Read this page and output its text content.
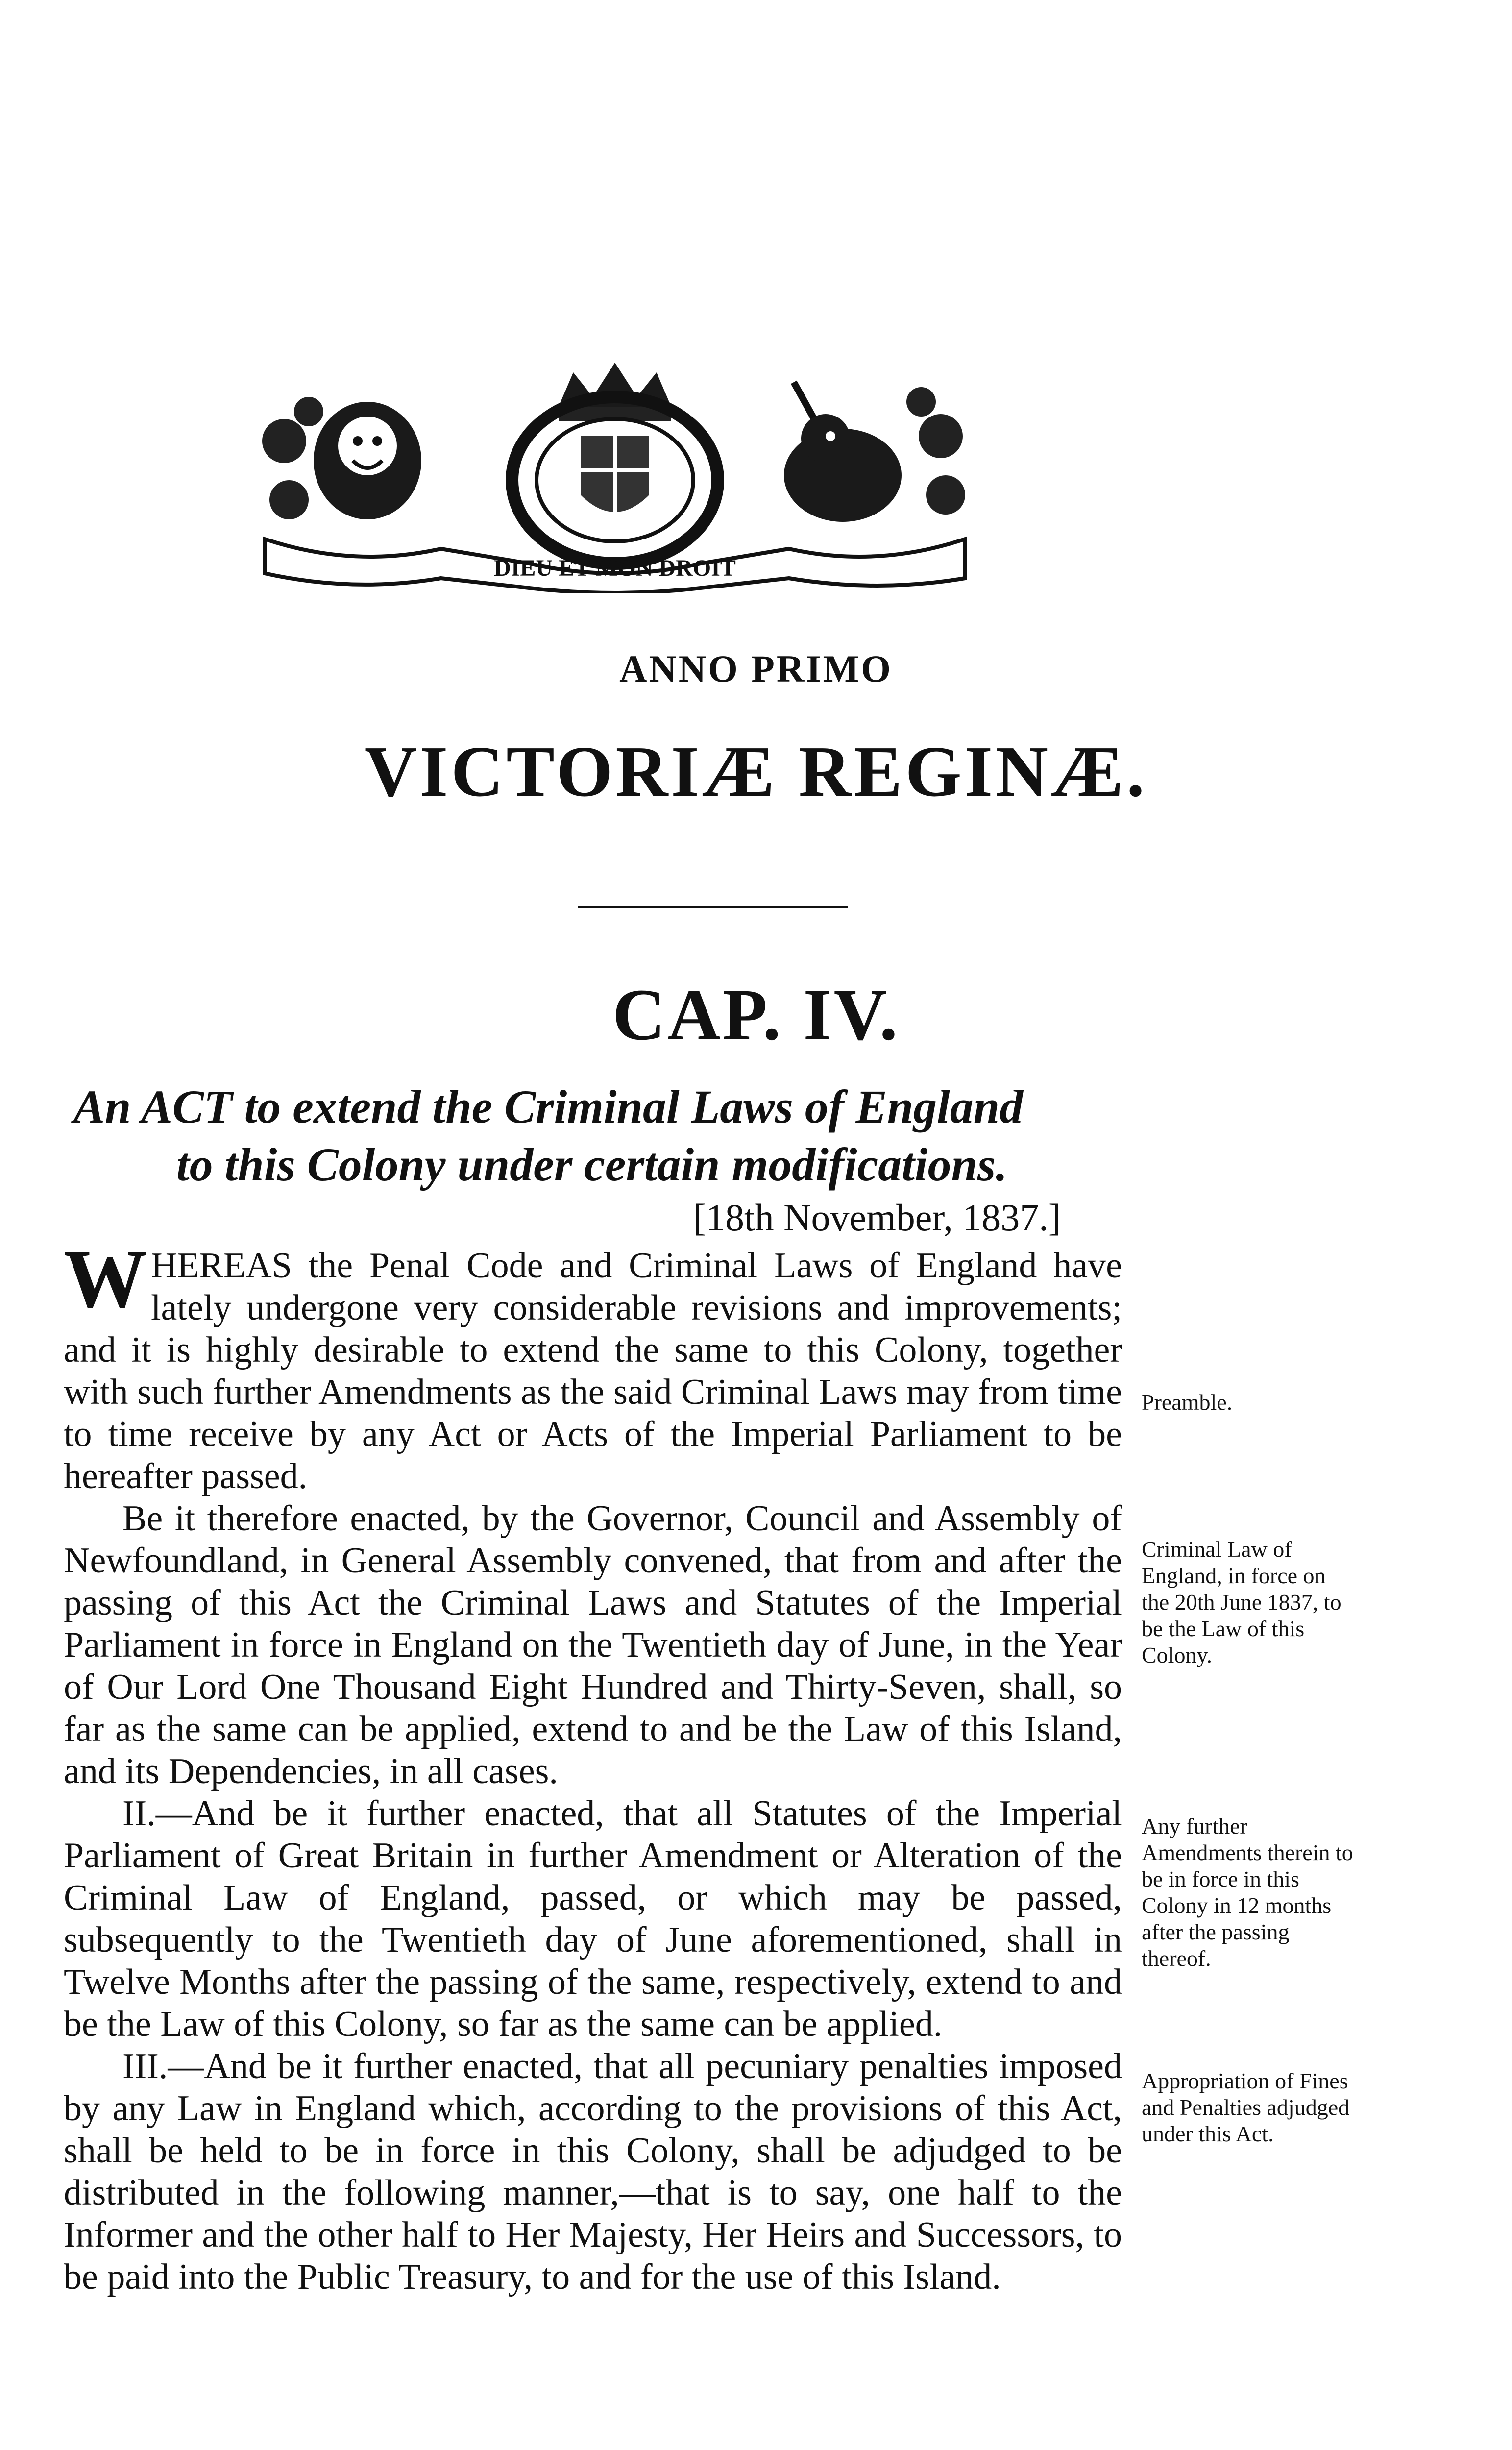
DIEU ET MON DROIT
ANNO PRIMO
VICTORIÆ REGINÆ.
CAP. IV.
An ACT to extend the Criminal Laws of England
to this Colony under certain modifications.
[18th November, 1837.]

WHEREAS the Penal Code and Criminal Laws of England have lately undergone very considerable revisions and improvements; and it is highly desirable to extend the same to this Colony, together with such further Amendments as the said Criminal Laws may from time to time receive by any Act or Acts of the Imperial Parliament to be hereafter passed.

Be it therefore enacted, by the Governor, Council and Assembly of Newfoundland, in General Assembly convened, that from and after the passing of this Act the Criminal Laws and Statutes of the Imperial Parliament in force in England on the Twentieth day of June, in the Year of Our Lord One Thousand Eight Hundred and Thirty-Seven, shall, so far as the same can be applied, extend to and be the Law of this Island, and its Dependencies, in all cases.

II.—And be it further enacted, that all Statutes of the Imperial Parliament of Great Britain in further Amendment or Alteration of the Criminal Law of England, passed, or which may be passed, subsequently to the Twentieth day of June aforementioned, shall in Twelve Months after the passing of the same, respectively, extend to and be the Law of this Colony, so far as the same can be applied.

III.—And be it further enacted, that all pecuniary penalties imposed by any Law in England which, according to the provisions of this Act, shall be held to be in force in this Colony, shall be adjudged to be distributed in the following manner,—that is to say, one half to the Informer and the other half to Her Majesty, Her Heirs and Successors, to be paid into the Public Treasury, to and for the use of this Island.

Preamble.
Criminal Law of England, in force on the 20th June 1837, to be the Law of this Colony.
Any further Amendments therein to be in force in this Colony in 12 months after the passing thereof.
Appropriation of Fines and Penalties adjudged under this Act.
